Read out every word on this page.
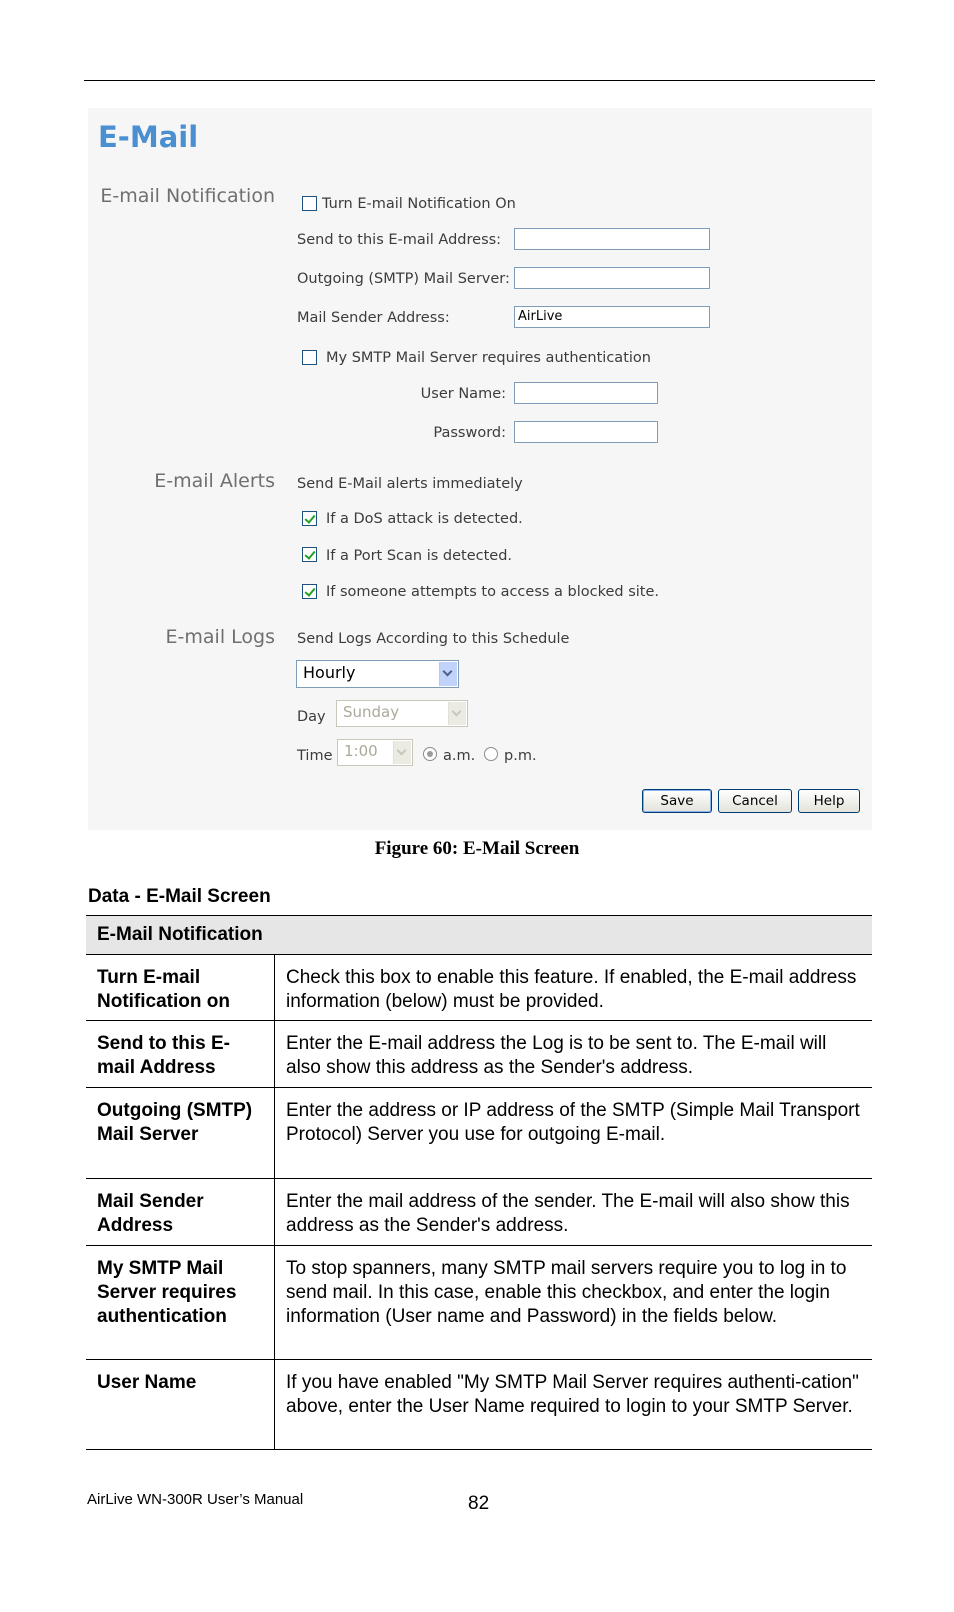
E-Mail
E-mail Notification	Turn E-mail Notification On
Send to this E-mail Address:
Outgoing (SMTP) Mail Server:
Mail Sender Address:	AirLive
My SMTP Mail Server requires authentication
User Name:
Password:
E-mail Alerts Send E-Mail alerts immediately
If a DoS attack is detected.
If a Port Scan is detected.
If someone attempts to access a blocked site.
E-mail Logs Send Logs According to this Schedule
Hourly
Day	Sunday
Time 1:00	a.m. p.m.
Save	Cancel	Help
Figure 60: E-Mail Screen
Data - E-Mail Screen
E-Mail Notification	
Turn E-mail Notification on	Check this box to enable this feature. If enabled, the E-mail address information (below) must be provided.
Send to this E-mail Address	Enter the E-mail address the Log is to be sent to. The E-mail will also show this address as the Sender's address.
Outgoing (SMTP) Mail Server	Enter the address or IP address of the SMTP (Simple Mail Transport Protocol) Server you use for outgoing E-mail.
Mail Sender Address	Enter the mail address of the sender. The E-mail will also show this address as the Sender's address.
My SMTP Mail Server requires authentication	To stop spanners, many SMTP mail servers require you to log in to send mail. In this case, enable this checkbox, and enter the login information (User name and Password) in the fields below.
User Name	If you have enabled "My SMTP Mail Server requires authenti-cation" above, enter the User Name required to login to your SMTP Server.
AirLive WN-300R User’s Manual	82
